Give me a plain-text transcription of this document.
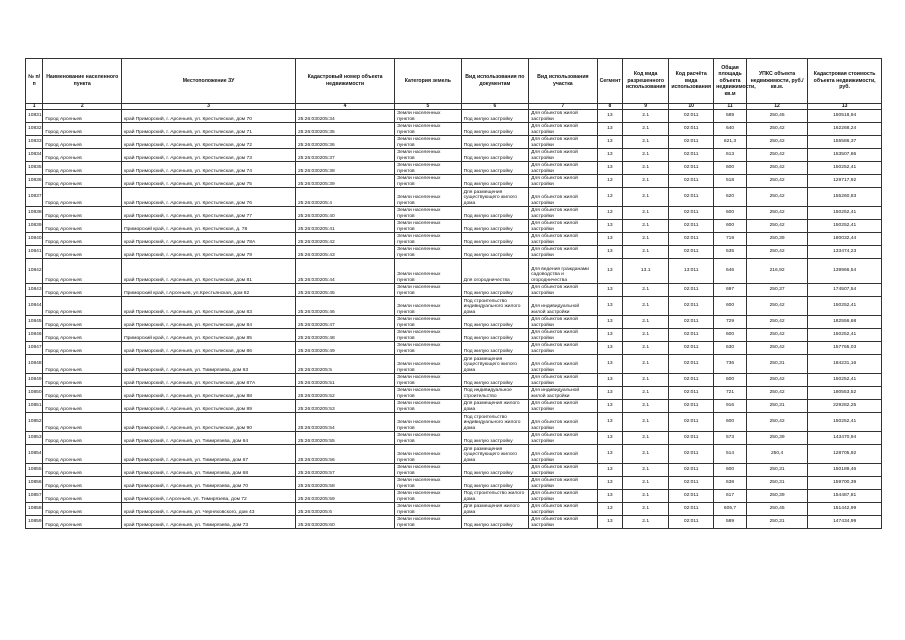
№ п/п	Наименование населенного пункта	Местоположение ЗУ	Кадастровый номер объекта недвижимости	Категория земель	Вид использования по документам	Вид использования участка	Сегмент	Код вида разрешенного использования	Код расчёта вида использования	Общая площадь объекта недвижимости, кв.м	УПКС объекта недвижимости, руб./кв.м.	Кадастровая стоимость объекта недвижимости, руб.
1	2	3	4	5	6	7	8	9	10	11	12	13
10831	Город Арсеньев	край Приморский, г. Арсеньев, ул. Крестьянская, дом 70	25:26:030205:34	Земли населенных пунктов	Под жилую застройку	Для объектов жилой застройки	13	2.1	02:011	589	250,45	150518,94
10832	Город Арсеньев	край Приморский, г. Арсеньев, ул. Крестьянская, дом 71	25:26:030205:35	Земли населенных пунктов	Под жилую застройку	Для объектов жилой застройки	13	2.1	02:011	640	250,42	162268,24
10833	Город Арсеньев	край Приморский, г. Арсеньев, ул. Крестьянская, дом 72	25:26:030205:36	Земли населенных пунктов	Под жилую застройку	Для объектов жилой застройки	13	2.1	02:011	621,3	250,42	155586,37
10834	Город Арсеньев	край Приморский, г. Арсеньев, ул. Крестьянская, дом 73	25:26:030205:37	Земли населенных пунктов	Под жилую застройку	Для объектов жилой застройки	13	2.1	02:011	613	250,42	153507,86
10835	Город Арсеньев	край Приморский, г. Арсеньев, ул. Крестьянская, дом 74	25:26:030205:38	Земли населенных пунктов	Под жилую застройку	Для объектов жилой застройки	13	2.1	02:011	600	250,42	150252,41
10836	Город Арсеньев	край Приморский, г. Арсеньев, ул. Крестьянская, дом 75	25:26:030205:39	Земли населенных пунктов	Под жилую застройку	Для объектов жилой застройки	13	2.1	02:011	518	250,42	129717,92
10837	Город Арсеньев	край Приморский, г. Арсеньев, ул. Крестьянская, дом 76	25:26:030205:4	Земли населенных пунктов	Для размещения существующего жилого дома	Для объектов жилой застройки	13	2.1	02:011	620	250,42	155260,83
10838	Город Арсеньев	край Приморский, г. Арсеньев, ул. Крестьянская, дом 77	25:26:030205:40	Земли населенных пунктов	Под жилую застройку	Для объектов жилой застройки	13	2.1	02:011	600	250,42	150252,41
10839	Город Арсеньев	Приморский край, г. Арсеньев, ул. Крестьянская, д. 78	25:26:030205:41	Земли населенных пунктов	Под жилую застройку	Для объектов жилой застройки	13	2.1	02:011	600	250,42	150252,41
10840	Город Арсеньев	край Приморский, г. Арсеньев, ул. Крестьянская, дом 78А	25:26:030205:42	Земли населенных пунктов	Под жилую застройку	Для объектов жилой застройки	13	2.1	02:011	719	250,39	180032,44
10841	Город Арсеньев	край Приморский, г. Арсеньев, ул. Крестьянская, дом 79	25:26:030205:43	Земли населенных пунктов	Под жилую застройку	Для объектов жилой застройки	13	2.1	02:011	535	250,42	133474,23
10842	Город Арсеньев	край Приморский, г. Арсеньев, ул. Крестьянская, дом 81	25:26:030205:44	Земли населенных пунктов	Для огородничества	Для ведения гражданами садоводства и огородничества	13	13.1	13:011	646	216,92	139966,54
10843	Город Арсеньев	Приморский край, г.Арсеньев, ул.Крестьянская, дом 82	25:26:030205:45	Земли населенных пунктов	Под жилую застройку	Для объектов жилой застройки	13	2.1	02:011	697	250,37	174507,54
10844	Город Арсеньев	край Приморский, г. Арсеньев, ул. Крестьянская, дом 83	25:26:030205:46	Земли населенных пунктов	Под строительство индивидуального жилого дома	Для индивидуальной жилой застройки	13	2.1	02:011	600	250,42	150252,41
10845	Город Арсеньев	край Приморский, г. Арсеньев, ул. Крестьянская, дом 84	25:26:030205:47	Земли населенных пунктов	Под жилую застройку	Для объектов жилой застройки	13	2.1	02:011	729	250,42	182556,68
10846	Город Арсеньев	Приморский край, г. Арсеньев, ул. Крестьянская, дом 85	25:26:030205:48	Земли населенных пунктов	Под жилую застройку	Для объектов жилой застройки	13	2.1	02:011	600	250,42	150252,41
10847	Город Арсеньев	край Приморский, г. Арсеньев, ул. Крестьянская, дом 86	25:26:030205:49	Земли населенных пунктов	Под жилую застройку	Для объектов жилой застройки	13	2.1	02:011	630	250,42	157765,03
10848	Город Арсеньев	край Приморский, г. Арсеньев, ул. Тимирязева, дом 63	25:26:030205:5	Земли населенных пунктов	Для размещения существующего жилого дома	Для объектов жилой застройки	13	2.1	02:011	736	250,31	184231,16
10849	Город Арсеньев	край Приморский, г. Арсеньев, ул. Крестьянская, дом 87А	25:26:030205:51	Земли населенных пунктов	Под жилую застройку	Для объектов жилой застройки	13	2.1	02:011	600	250,42	150252,41
10850	Город Арсеньев	край Приморский, г. Арсеньев, ул. Крестьянская, дом 88	25:26:030205:52	Земли населенных пунктов	Под индивидуальное строительство	Для индивидуальной жилой застройки	13	2.1	02:011	721	250,42	180553,52
10851	Город Арсеньев	край Приморский, г. Арсеньев, ул. Крестьянская, дом 89	25:26:030205:53	Земли населенных пунктов	Для размещения жилого дома	Для объектов жилой застройки	13	2.1	02:011	916	250,31	229282,25
10852	Город Арсеньев	край Приморский, г. Арсеньев, ул. Крестьянская, дом 90	25:26:030205:54	Земли населенных пунктов	Под строительство индивидуального жилого дома	Для объектов жилой застройки	13	2.1	02:011	600	250,42	150252,41
10853	Город Арсеньев	край Приморский, г. Арсеньев, ул. Тимирязева, дом 64	25:26:030205:55	Земли населенных пунктов	Под жилую застройку	Для объектов жилой застройки	13	2.1	02:011	573	250,39	143470,94
10854	Город Арсеньев	край Приморский, г. Арсеньев, ул. Тимирязева, дом 67	25:26:030205:56	Земли населенных пунктов	Для размещения существующего жилого дома	Для объектов жилой застройки	13	2.1	02:011	514	250,4	128705,92
10855	Город Арсеньев	край Приморский, г. Арсеньев, ул. Тимирязева, дом 68	25:26:030205:57	Земли населенных пунктов	Под жилую застройку	Для объектов жилой застройки	13	2.1	02:011	600	250,31	150189,46
10856	Город Арсеньев	край Приморский, г. Арсеньев, ул. Тимирязева, дом 70	25:26:030205:58	Земли населенных пунктов	Под жилую застройку	Для объектов жилой застройки	13	2.1	02:011	638	250,31	159700,39
10857	Город Арсеньев	край Приморский, г.Арсеньев, ул. Тимирязева, дом 72	25:26:030205:59	Земли населенных пунктов	Под строительство жилого дома	Для объектов жилой застройки	13	2.1	02:011	617	250,39	154487,81
10858	Город Арсеньев	край Приморский, г. Арсеньев, ул. Черняховского, дом 43	25:26:030205:6	Земли населенных пунктов	Для размещения жилого дома	Для объектов жилой застройки	13	2.1	02:011	605,7	250,45	151442,99
10859	Город Арсеньев	край Приморский, г. Арсеньев, ул. Тимирязева, дом 73	25:26:030205:60	Земли населенных пунктов	Под жилую застройку	Для объектов жилой застройки	13	2.1	02:011	589	250,31	147434,99
